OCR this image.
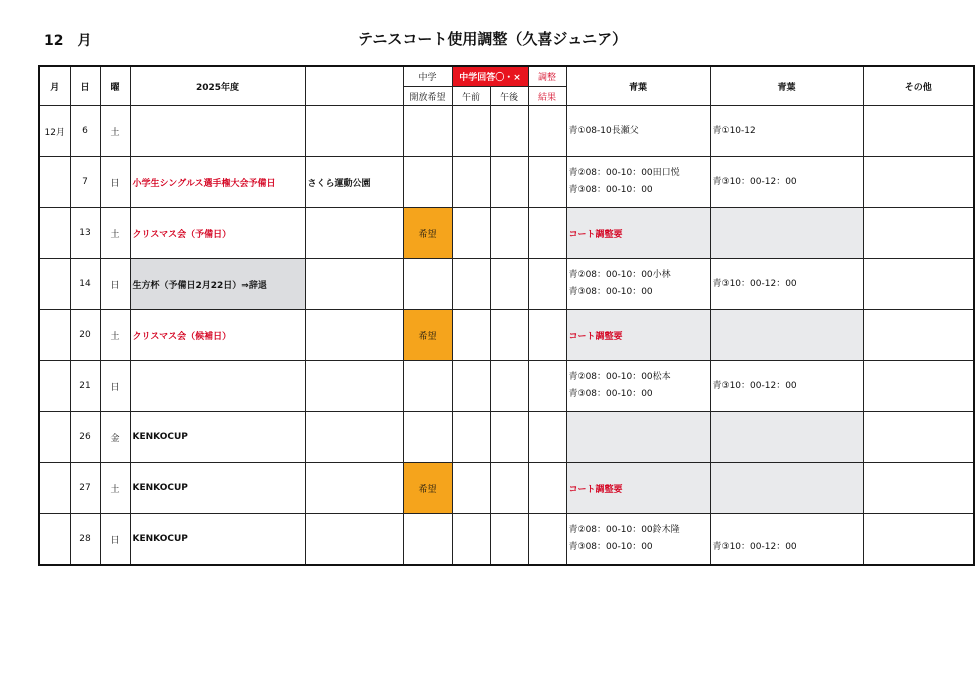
12　月	テニスコート使用調整（久喜ジュニア）
月	日	曜	2025年度		中学	中学回答〇・×		調整	青葉	青葉	その他
					開放希望	午前	午後	結果			
12月	6	土							青①08-10長瀬父	青①10-12	

	7	日	小学生シングルス選手権大会予備日	さくら運動公園					青②08：00-10：00田口悦
青③08：00-10：00	青③10：00-12：00	

	13	土	クリスマス会（予備日）		希望				コート調整要		

	14	日	生方杯（予備日2月22日）⇒辞退						青②08：00-10：00小林
青③08：00-10：00	青③10：00-12：00	

	20	土	クリスマス会（候補日）		希望				コート調整要		

	21	日							青②08：00-10：00松本
青③08：00-10：00	青③10：00-12：00	

	26	金	KENKOCUP						

	27	土	KENKOCUP		希望				コート調整要		

	28	日	KENKOCUP						青②08：00-10：00鈴木隆
青③08：00-10：00	青③10：00-12：00	
